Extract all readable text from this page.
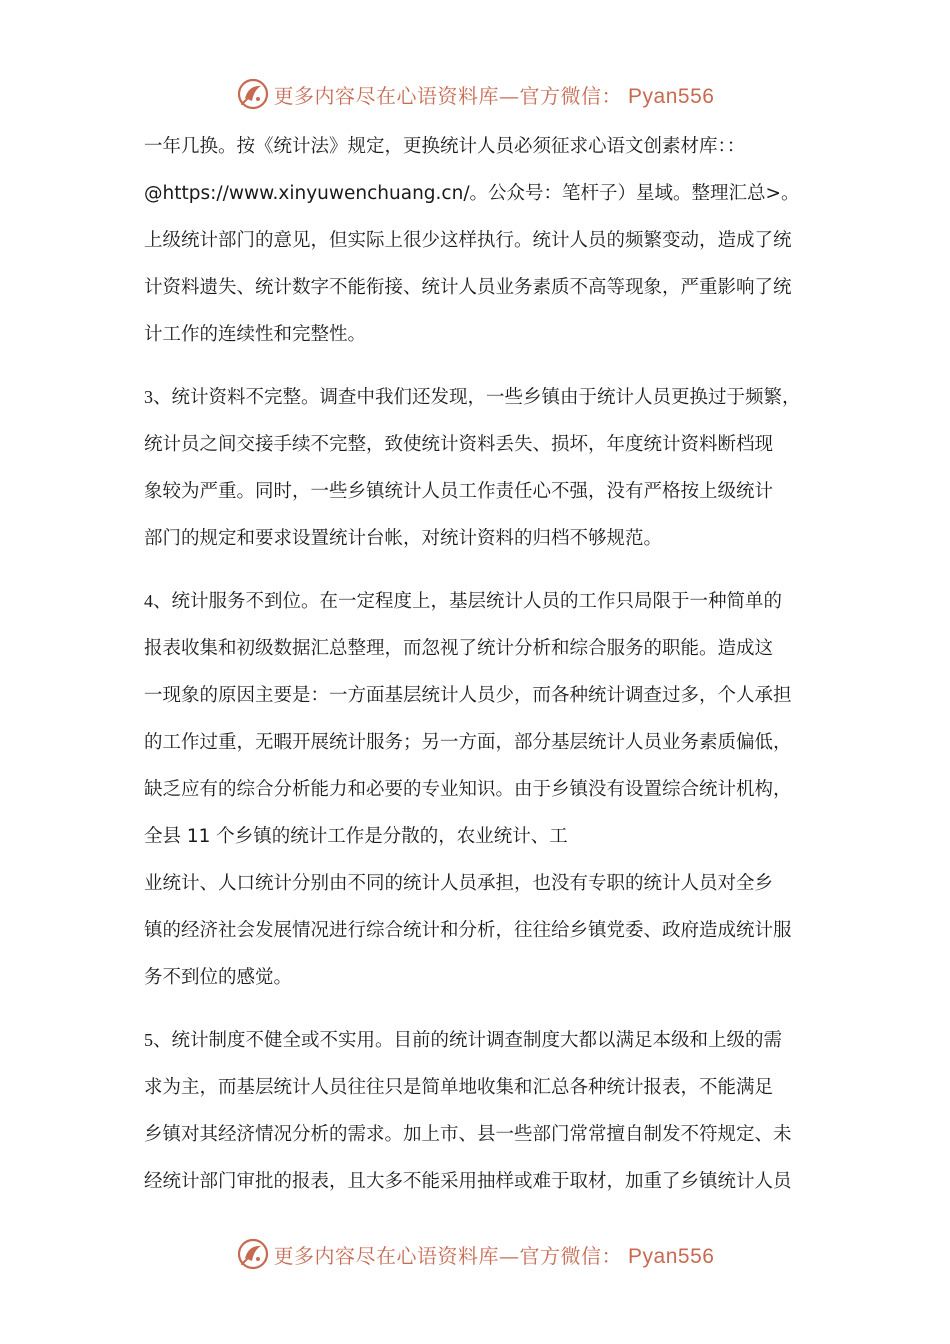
更多内容尽在心语资料库—官方微信： Pyan556
一年几换。按《统计法》规定，更换统计人员必须征求心语文创素材库：：
@https://www.xinyuwenchuang.cn/。公众号：笔杆子）星域。整理汇总>。
上级统计部门的意见，但实际上很少这样执行。统计人员的频繁变动，造成了统
计资料遗失、统计数字不能衔接、统计人员业务素质不高等现象，严重影响了统
计工作的连续性和完整性。
3、统计资料不完整。调查中我们还发现，一些乡镇由于统计人员更换过于频繁，
统计员之间交接手续不完整，致使统计资料丢失、损坏，年度统计资料断档现
象较为严重。同时，一些乡镇统计人员工作责任心不强，没有严格按上级统计
部门的规定和要求设置统计台帐，对统计资料的归档不够规范。
4、统计服务不到位。在一定程度上，基层统计人员的工作只局限于一种简单的
报表收集和初级数据汇总整理，而忽视了统计分析和综合服务的职能。造成这
一现象的原因主要是：一方面基层统计人员少，而各种统计调查过多，个人承担
的工作过重，无暇开展统计服务；另一方面，部分基层统计人员业务素质偏低，
缺乏应有的综合分析能力和必要的专业知识。由于乡镇没有设置综合统计机构，
全县 11 个乡镇的统计工作是分散的，农业统计、工
业统计、人口统计分别由不同的统计人员承担，也没有专职的统计人员对全乡
镇的经济社会发展情况进行综合统计和分析，往往给乡镇党委、政府造成统计服
务不到位的感觉。
5、统计制度不健全或不实用。目前的统计调查制度大都以满足本级和上级的需
求为主，而基层统计人员往往只是简单地收集和汇总各种统计报表，不能满足
乡镇对其经济情况分析的需求。加上市、县一些部门常常擅自制发不符规定、未
经统计部门审批的报表，且大多不能采用抽样或难于取材，加重了乡镇统计人员
更多内容尽在心语资料库—官方微信： Pyan556
